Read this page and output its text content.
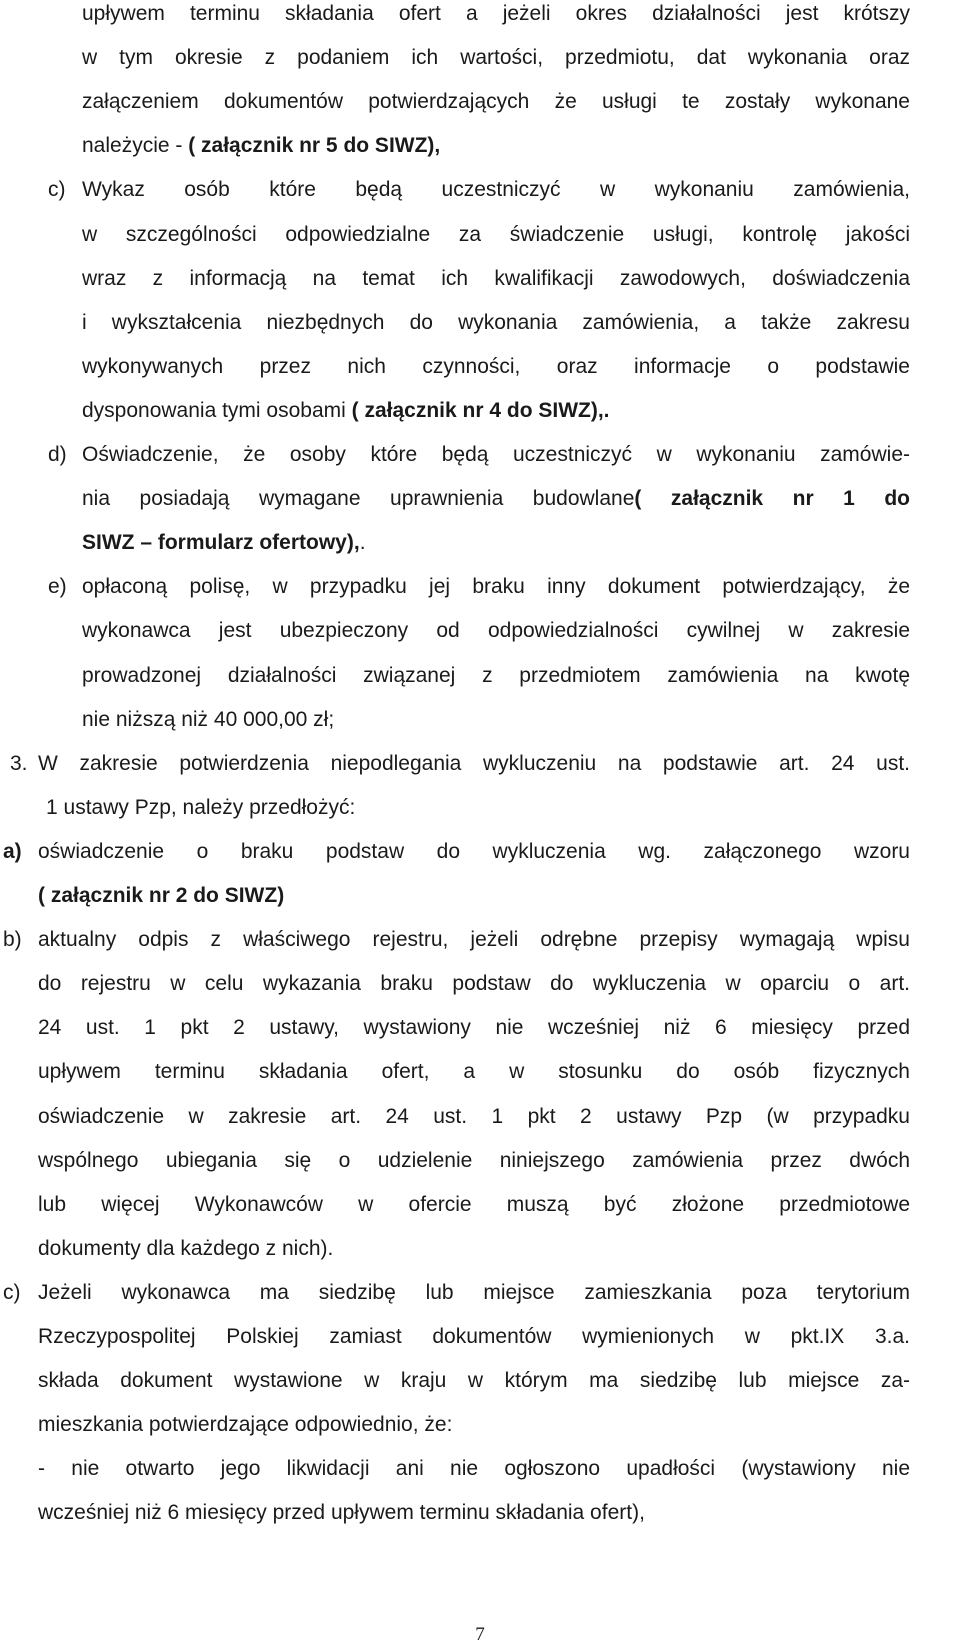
upływem terminu składania ofert a jeżeli okres działalności jest krótszy
w tym okresie z podaniem ich wartości, przedmiotu, dat wykonania oraz
załączeniem dokumentów potwierdzających że usługi te zostały wykonane
należycie - ( załącznik nr 5 do SIWZ),
c) Wykaz osób które będą uczestniczyć w wykonaniu zamówienia,
w szczególności odpowiedzialne za świadczenie usługi, kontrolę jakości
wraz z informacją na temat ich kwalifikacji zawodowych, doświadczenia
i wykształcenia niezbędnych do wykonania zamówienia, a także zakresu
wykonywanych przez nich czynności, oraz informacje o podstawie
dysponowania tymi osobami ( załącznik nr 4 do SIWZ),.
d) Oświadczenie, że osoby które będą uczestniczyć w wykonaniu zamówie-
nia posiadają wymagane uprawnienia budowlane( załącznik nr 1 do
SIWZ – formularz ofertowy),.
e) opłaconą polisę, w przypadku jej braku inny dokument potwierdzający, że
wykonawca jest ubezpieczony od odpowiedzialności cywilnej w zakresie
prowadzonej działalności związanej z przedmiotem zamówienia na kwotę
nie niższą niż 40 000,00 zł;
3. W zakresie potwierdzenia niepodlegania wykluczeniu na podstawie art. 24 ust.
1 ustawy Pzp, należy przedłożyć:
a) oświadczenie o braku podstaw do wykluczenia wg. załączonego wzoru
( załącznik nr 2 do SIWZ)
b) aktualny odpis z właściwego rejestru, jeżeli odrębne przepisy wymagają wpisu
do rejestru w celu wykazania braku podstaw do wykluczenia w oparciu o art.
24 ust. 1 pkt 2 ustawy, wystawiony nie wcześniej niż 6 miesięcy przed
upływem terminu składania ofert, a w stosunku do osób fizycznych
oświadczenie w zakresie art. 24 ust. 1 pkt 2 ustawy Pzp (w przypadku
wspólnego ubiegania się o udzielenie niniejszego zamówienia przez dwóch
lub więcej Wykonawców w ofercie muszą być złożone przedmiotowe
dokumenty dla każdego z nich).
c) Jeżeli wykonawca ma siedzibę lub miejsce zamieszkania poza terytorium
Rzeczypospolitej Polskiej zamiast dokumentów wymienionych w pkt.IX 3.a.
składa dokument wystawione w kraju w którym ma siedzibę lub miejsce za-
mieszkania potwierdzające odpowiednio, że:
- nie otwarto jego likwidacji ani nie ogłoszono upadłości (wystawiony nie
wcześniej niż 6 miesięcy przed upływem terminu składania ofert),
7
